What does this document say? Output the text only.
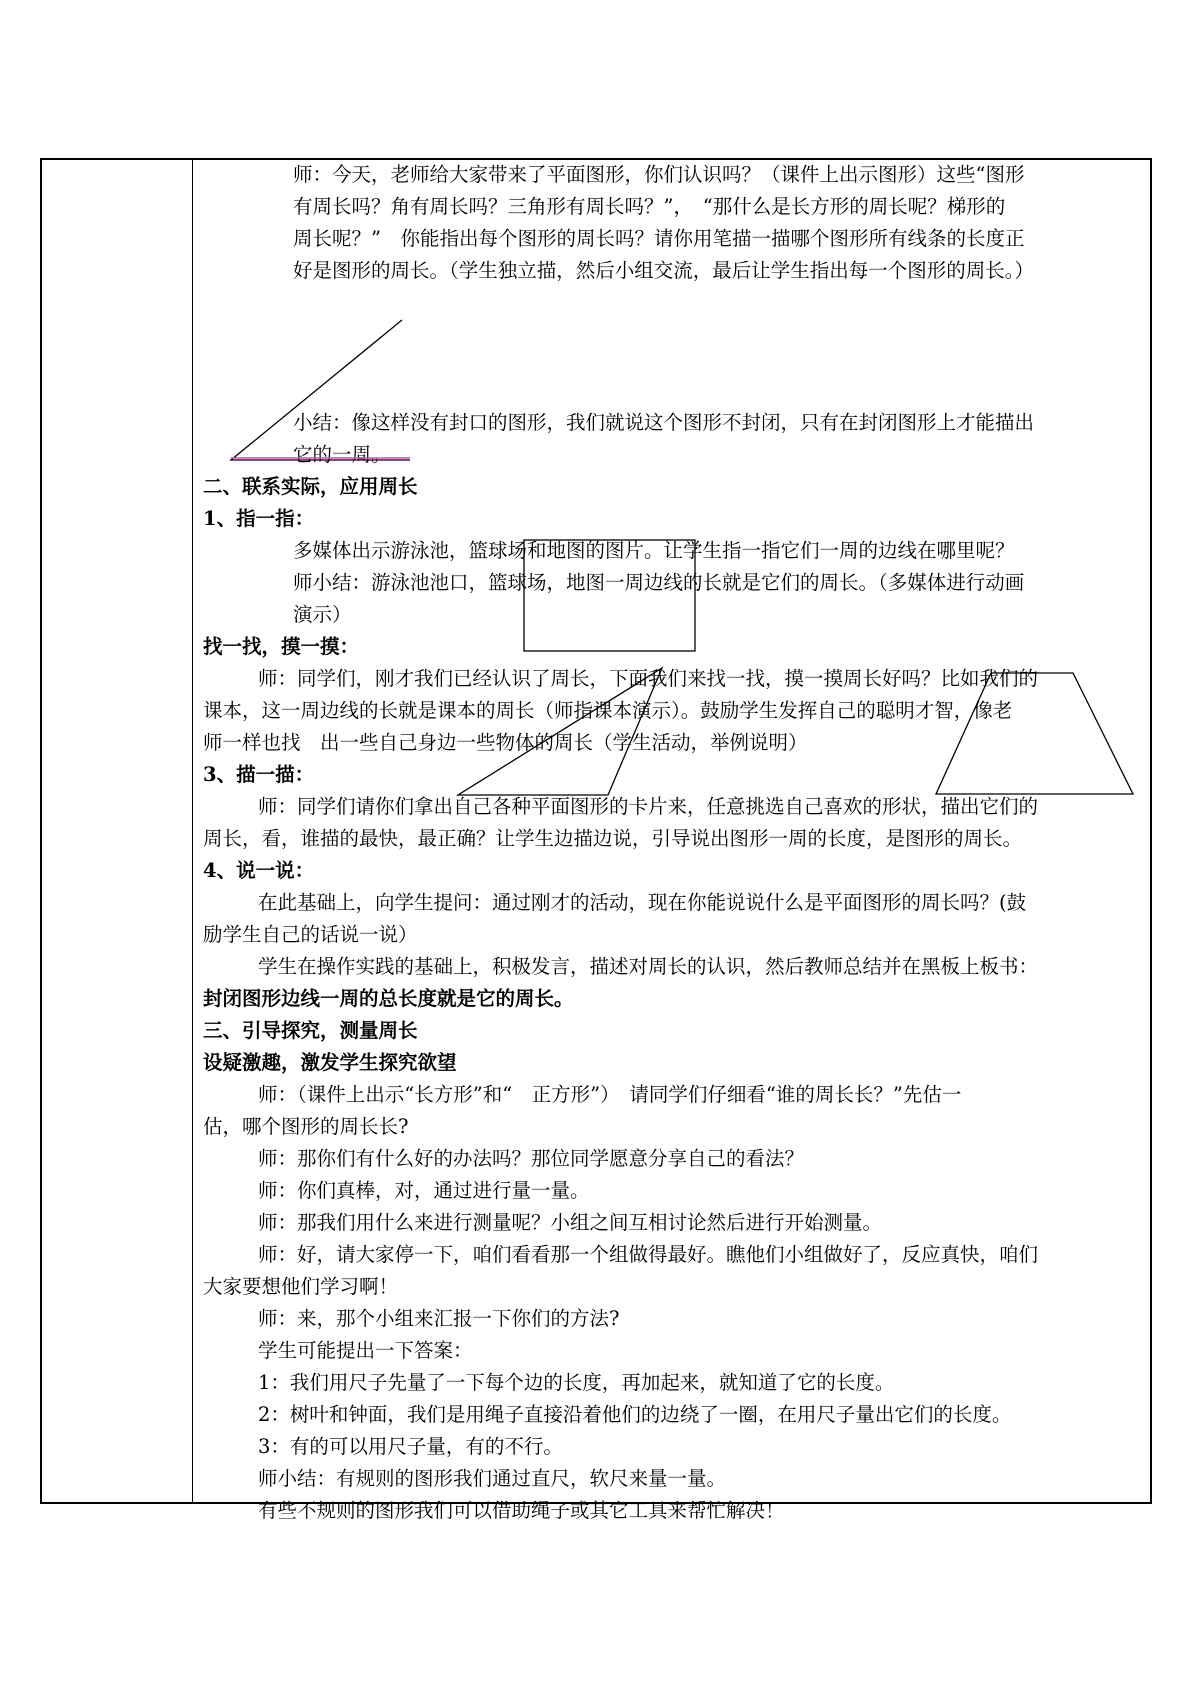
师：今天，老师给大家带来了平面图形，你们认识吗？（课件上出示图形）这些“图形
有周长吗？角有周长吗？三角形有周长吗？”，　“那什么是长方形的周长呢？梯形的
周长呢？”　你能指出每个图形的周长吗？请你用笔描一描哪个图形所有线条的长度正
好是图形的周长。（学生独立描，然后小组交流，最后让学生指出每一个图形的周长。）
小结：像这样没有封口的图形，我们就说这个图形不封闭，只有在封闭图形上才能描出
它的一周。
二、联系实际，应用周长
1、指一指：
多媒体出示游泳池，篮球场和地图的图片。让学生指一指它们一周的边线在哪里呢？
师小结：游泳池池口，篮球场，地图一周边线的长就是它们的周长。（多媒体进行动画
演示）
找一找，摸一摸：
师：同学们，刚才我们已经认识了周长，下面我们来找一找，摸一摸周长好吗？比如我们的
课本，这一周边线的长就是课本的周长（师指课本演示）。鼓励学生发挥自己的聪明才智，像老
师一样也找　出一些自己身边一些物体的周长（学生活动，举例说明）
3、描一描：
师：同学们请你们拿出自己各种平面图形的卡片来，任意挑选自己喜欢的形状，描出它们的
周长，看，谁描的最快，最正确？让学生边描边说，引导说出图形一周的长度，是图形的周长。
4、说一说：
在此基础上，向学生提问：通过刚才的活动，现在你能说说什么是平面图形的周长吗？(鼓
励学生自己的话说一说）
学生在操作实践的基础上，积极发言，描述对周长的认识，然后教师总结并在黑板上板书：
封闭图形边线一周的总长度就是它的周长。
三、引导探究，测量周长
设疑激趣，激发学生探究欲望
师：（课件上出示“长方形”和“　正方形”）　请同学们仔细看“谁的周长长？”先估一
估，哪个图形的周长长?
师：那你们有什么好的办法吗？那位同学愿意分享自己的看法？
师：你们真棒，对，通过进行量一量。
师：那我们用什么来进行测量呢？小组之间互相讨论然后进行开始测量。
师：好，请大家停一下，咱们看看那一个组做得最好。瞧他们小组做好了，反应真快，咱们
大家要想他们学习啊！
师：来，那个小组来汇报一下你们的方法?
学生可能提出一下答案：
1：我们用尺子先量了一下每个边的长度，再加起来，就知道了它的长度。
2：树叶和钟面，我们是用绳子直接沿着他们的边绕了一圈，在用尺子量出它们的长度。
3：有的可以用尺子量，有的不行。
师小结：有规则的图形我们通过直尺，软尺来量一量。
有些不规则的图形我们可以借助绳子或其它工具来帮忙解决！
